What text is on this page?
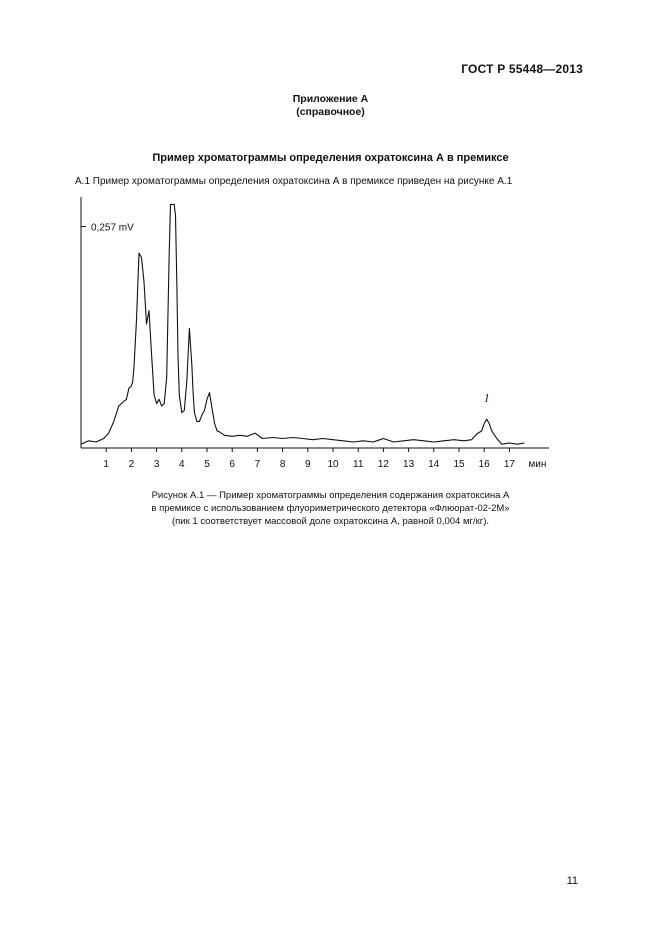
ГОСТ Р 55448—2013
Приложение А
(справочное)
Пример хроматограммы определения охратоксина А в премиксе
А.1 Пример хроматограммы определения охратоксина А в премиксе приведен на рисунке А.1
0,257 mV
1 2 3 4 5 6 7 8 9 10 11 12 13 14 15 16 17 мин
1
Рисунок А.1 — Пример хроматограммы определения содержания охратоксина А
в премиксе с использованием флуориметрического детектора «Флюорат-02-2М»
(пик 1 соответствует массовой доле охратоксина А, равной 0,004 мг/кг).
11
